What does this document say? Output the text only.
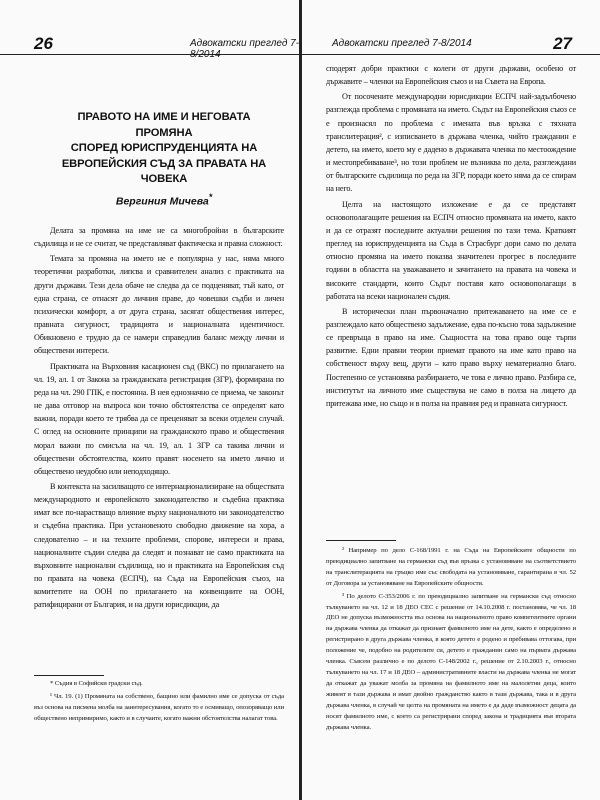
26	Адвокатски преглед 7-8/2014
ПРАВОТО НА ИМЕ И НЕГОВАТА ПРОМЯНА
СПОРЕД ЮРИСПРУДЕНЦИЯТА НА
ЕВРОПЕЙСКИЯ СЪД ЗА ПРАВАТА НА ЧОВЕКА
Вергиния Мичева*

Делата за промяна на име не са многобройни в българските съдилища и не се считат, че представляват фактическа и правна сложност.

Темата за промяна на името не е популярна у нас, няма много теоретични разработки, липсва и сравнителен анализ с практиката на други държави. Тези дела обаче не следва да се подценяват, тъй като, от една страна, се отнасят до личния праве, до човешки съдби и личен психически комфорт, а от друга страна, засягат обществения интерес, правната сигурност, традицията и националната идентичност. Обикновено е трудно да се намери справедлив баланс между лични и обществени интереси.

Практиката на Върховния касационен съд (ВКС) по прилагането на чл. 19, ал. 1 от Закона за гражданската регистрация (ЗГР), формирана по реда на чл. 290 ГПК, е постоянна. В нея еднозначно се приема, че законът не дава отговор на въпроса кои точно обстоятелства се определят като важни, поради което те трябва да се преценяват за всеки отделен случай. С оглед на основните принципи на гражданското право и обществения морал важни по смисъла на чл. 19, ал. 1 ЗГР са такива лични и обществени обстоятелства, които правят носенето на името лично и обществено неудобно или неподходящо.

В контекста на засилващото се интернационализиране на обществата международното и европейското законодателство и съдебна практика имат все по-нарастващо влияние върху националното ни законодателство и съдебна практика. При установеното свободно движение на хора, а следователно – и на техните проблеми, спорове, интереси и права, националните съдии следва да следят и познават не само практиката на върховните национални съдилища, но и практиката на Европейския съд по правата на човека (ЕСПЧ), на Съда на Европейския съюз, на комитетите на ООН по прилагането на конвенциите на ООН, ратифицирани от България, и на други юрисдикции, да

* Съдия в Софийски градски съд.

¹ Чл. 19. (1) Промяната на собствено, бащино или фамилно име се допуска от съда въз основа на писмена молба на заинтересувания, когато то е осмиващо, опозоряващо или обществено непримиримо, както и в случаите, когато важни обстоятелства налагат това.

Адвокатски преглед 7-8/2014	27

сподерят добри практики с колеги от други държави, особено от държавите – членки на Европейския съюз и на Съвета на Европа.

От посочените международни юрисдикции ЕСПЧ най-задълбочено разглежда проблема с промяната на името. Съдът на Европейския съюз се е произнасял по проблема с имената във връзка с тяхната транслитерация², с изписването в държава членка, чийто гражданин е детето, на името, което му е дадено в държавата членка по местоождение и местопребиваване³, но този проблем не възниква по дела, разглеждани от българските съдилища по реда на ЗГР, поради което няма да се спирам на него.

Целта на настоящото изложение е да се представят основополагащите решения на ЕСПЧ относно промяната на името, както и да се отразят последните актуални решения по тази тема. Краткият преглед на юриспруденцията на Съда в Страсбург дори само по делата относно промяна на името показва значителен прогрес в последните години в областта на уважаването и зачитането на правата на човека и високите стандарти, които Съдът поставя като основополагащи в работата на всеки национален съдия.

В исторически план първоначално притежаването на име се е разглеждало като обществено задължение, едва по-късно това задължение се превръща в право на име. Същността на това право още търпи развитие. Едни правни теории приемат правото на име като право на собственост върху вещ, други – като право върху нематериално благо. Постепенно се установява разбирането, че това е лично право. Разбира се, институтът на личното име съществува не само в полза на лицето да притежава име, но също и в полза на правния ред и правната сигурност.

² Например по дело C-168/1991 г. на Съда на Европейските общности по преюдициално запитване на германски съд във връзка с установяване на съответствието на транслитерацията на гръцко име със свободата на установяване, гарантирана в чл. 52 от Договора за установяване на Европейските общности.

³ По делото C-353/2006 г. по преюдициално запитване на германски съд относно тълкуването на чл. 12 и 18 ДЕО СЕС с решение от 14.10.2008 г. постановява, че чл. 18 ДЕО не допуска възможността въз основа на националното право компетентните органи на държава членка да откажат да признаят фамилното име на дете, както е определено и регистрирано в друга държава членка, в която детето е родено и пребивава оттогава, при положение че, подобно на родителите си, детето е гражданин само на първата държава членка. Съвсем различно е по делото C-148/2002 г., решение от 2.10.2003 г., относно тълкуването на чл. 17 и 18 ДЕО – административните власти на държава членка не могат да откажат да уважат молба за промяна на фамилното име на малолетни деца, които живеят в тази държава и имат двойно гражданство както в тази държава, така и в друга държава членка, в случай че целта на промяната на името е да даде възможност децата да носят фамилното име, с което са регистрирани според закона и традицията във втората държава членка.
